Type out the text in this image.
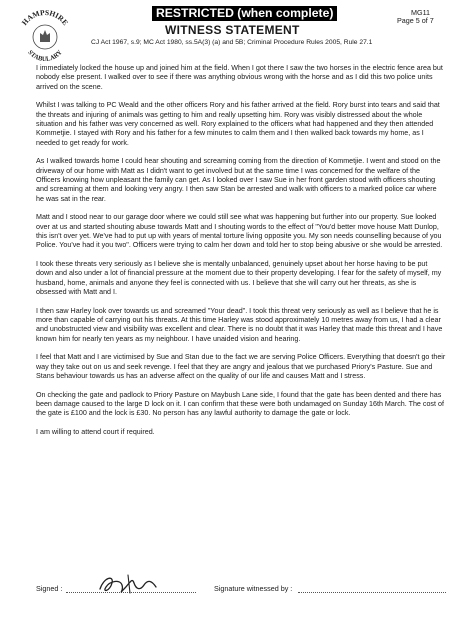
HAMPSHIRE
STABULARY
RESTRICTED (when complete)	MG11
Page 5 of 7
WITNESS STATEMENT
CJ Act 1967, s.9; MC Act 1980, ss.5A(3) (a) and 5B; Criminal Procedure Rules 2005, Rule 27.1

I immediately locked the house up and joined him at the field. When I got there I saw the two horses in the electric fence area but nobody else present. I walked over to see if there was anything obvious wrong with the horse and as I did this two police units arrived on the scene.

Whilst I was talking to PC Weald and the other officers Rory and his father arrived at the field. Rory burst into tears and said that the threats and injuring of animals was getting to him and really upsetting him. Rory was visibly distressed about the whole situation and his father was very concerned as well. Rory explained to the officers what had happened and they then attended Kommetjie. I stayed with Rory and his father for a few minutes to calm them and I then walked back towards my home, as I needed to get ready for work.

As I walked towards home I could hear shouting and screaming coming from the direction of Kommetjie. I went and stood on the driveway of our home with Matt as I didn't want to get involved but at the same time I was concerned for the welfare of the Officers knowing how unpleasant the family can get. As I looked over I saw Sue in her front garden stood with officers shouting and screaming at them and looking very angry. I then saw Stan be arrested and walk with officers to a marked police car where he was sat in the rear.

Matt and I stood near to our garage door where we could still see what was happening but further into our property. Sue looked over at us and started shouting abuse towards Matt and I shouting words to the effect of "You'd better move house Matt Dunlop, this isn't over yet. We've had to put up with years of mental torture living opposite you. My son needs counselling because of you Police. You've had it you two". Officers were trying to calm her down and told her to stop being abusive or she would be arrested.

I took these threats very seriously as I believe she is mentally unbalanced, genuinely upset about her horse having to be put down and also under a lot of financial pressure at the moment due to their property developing. I fear for the safety of myself, my husband, home, animals and anyone they feel is connected with us. I believe that she will carry out her threats, as she is obsessed with Matt and I.

I then saw Harley look over towards us and screamed "Your dead". I took this threat very seriously as well as I believe that he is more than capable of carrying out his threats. At this time Harley was stood approximately 10 metres away from us, I had a clear and unobstructed view and visibility was excellent and clear. There is no doubt that it was Harley that made this threat and I have known him for nearly ten years as my neighbour. I have unaided vision and hearing.

I feel that Matt and I are victimised by Sue and Stan due to the fact we are serving Police Officers. Everything that doesn't go their way they take out on us and seek revenge. I feel that they are angry and jealous that we purchased Priory's Pasture. Sue and Stans behaviour towards us has an adverse affect on the quality of our life and causes Matt and I stress.

On checking the gate and padlock to Priory Pasture on Maybush Lane side, I found that the gate has been dented and there has been damage caused to the large D lock on it. I can confirm that these were both undamaged on Sunday 16th March. The cost of the gate is £100 and the lock is £30. No person has any lawful authority to damage the gate or lock.

I am willing to attend court if required.

Signed :	Signature witnessed by :
